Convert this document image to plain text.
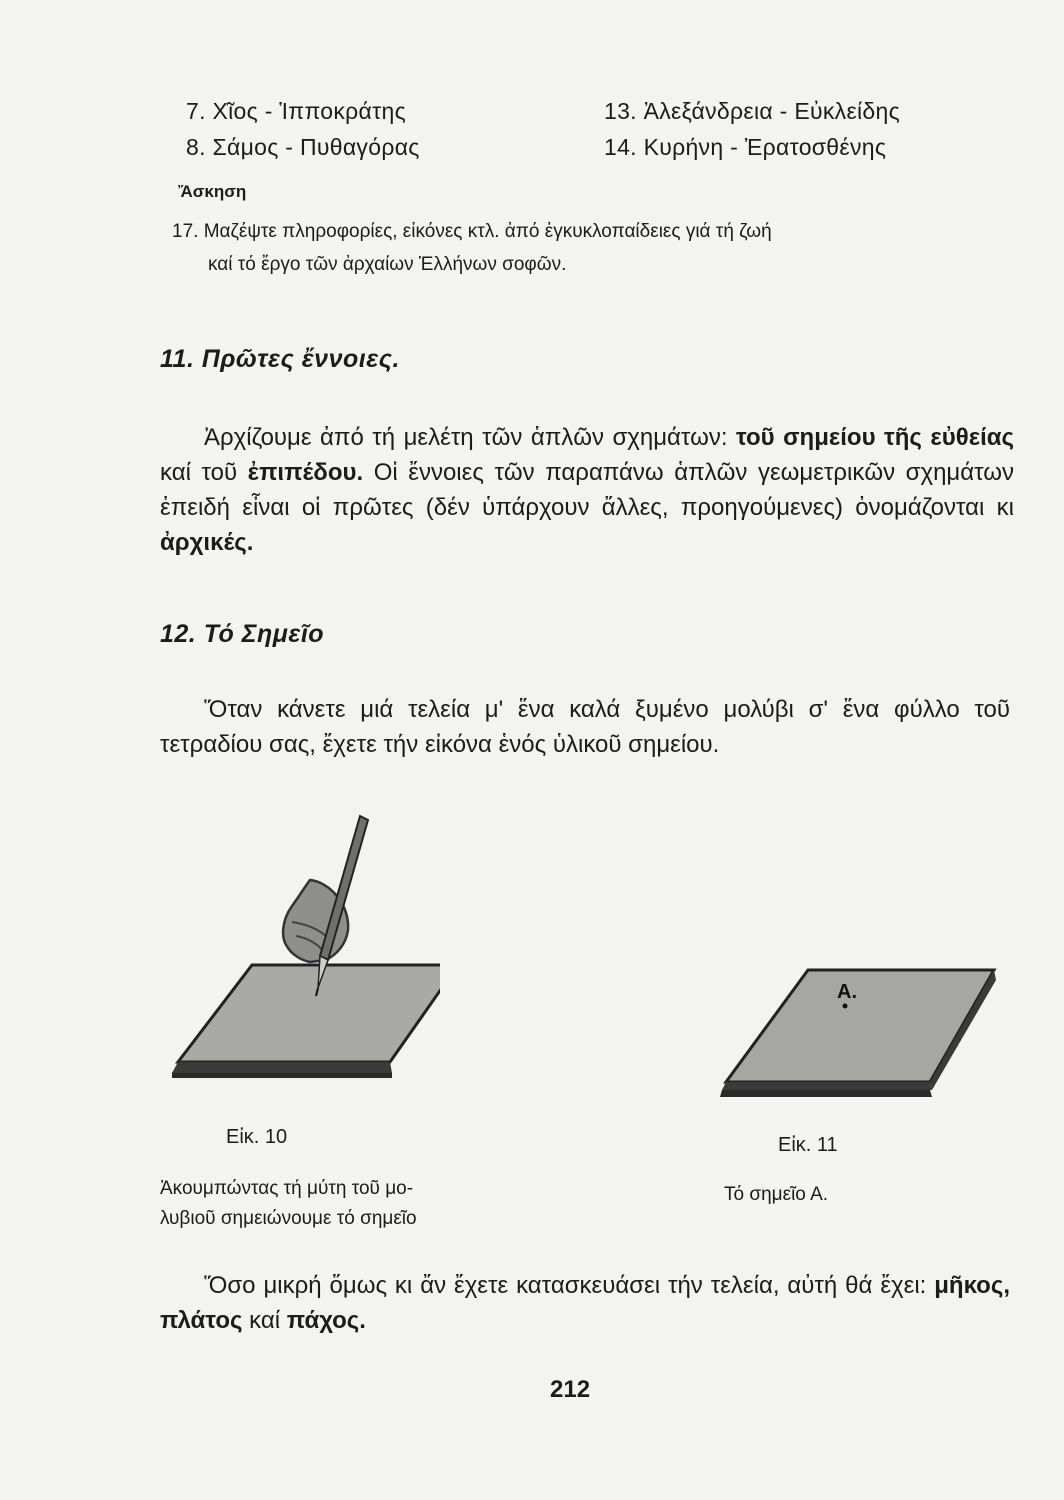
7. Χῖος - Ἱπποκράτης
8. Σάμος - Πυθαγόρας
13. Ἀλεξάνδρεια - Εὐκλείδης
14. Κυρήνη - Ἐρατοσθένης
Ἄσκηση
17. Μαζέψτε πληροφορίες, εἰκόνες κτλ. ἀπό ἐγκυκλοπαίδειες γιά τή ζωή
καί τό ἔργο τῶν ἀρχαίων Ἑλλήνων σοφῶν.
11. Πρῶτες ἔννοιες.
Ἀρχίζουμε ἀπό τή μελέτη τῶν ἁπλῶν σχημάτων: τοῦ σημείου τῆς εὐθείας καί τοῦ ἐπιπέδου. Οἱ ἔννοιες τῶν παραπάνω ἁπλῶν γεωμετρικῶν σχημάτων ἐπειδή εἶναι οἱ πρῶτες (δέν ὑπάρχουν ἄλλες, προηγούμενες) ὀνομάζονται κι ἀρχικές.
12. Τό Σημεῖο
Ὅταν κάνετε μιά τελεία μ' ἕνα καλά ξυμένο μολύβι σ' ἕνα φύλλο τοῦ τετραδίου σας, ἔχετε τήν εἰκόνα ἑνός ὑλικοῦ σημείου.
A.
Εἰκ. 10	Εἰκ. 11
Ἀκουμπώντας τή μύτη τοῦ μο-
λυβιοῦ σημειώνουμε τό σημεῖο
Τό σημεῖο Α.
Ὅσο μικρή ὅμως κι ἄν ἔχετε κατασκευάσει τήν τελεία, αὐτή θά ἔχει: μῆκος, πλάτος καί πάχος.
212
